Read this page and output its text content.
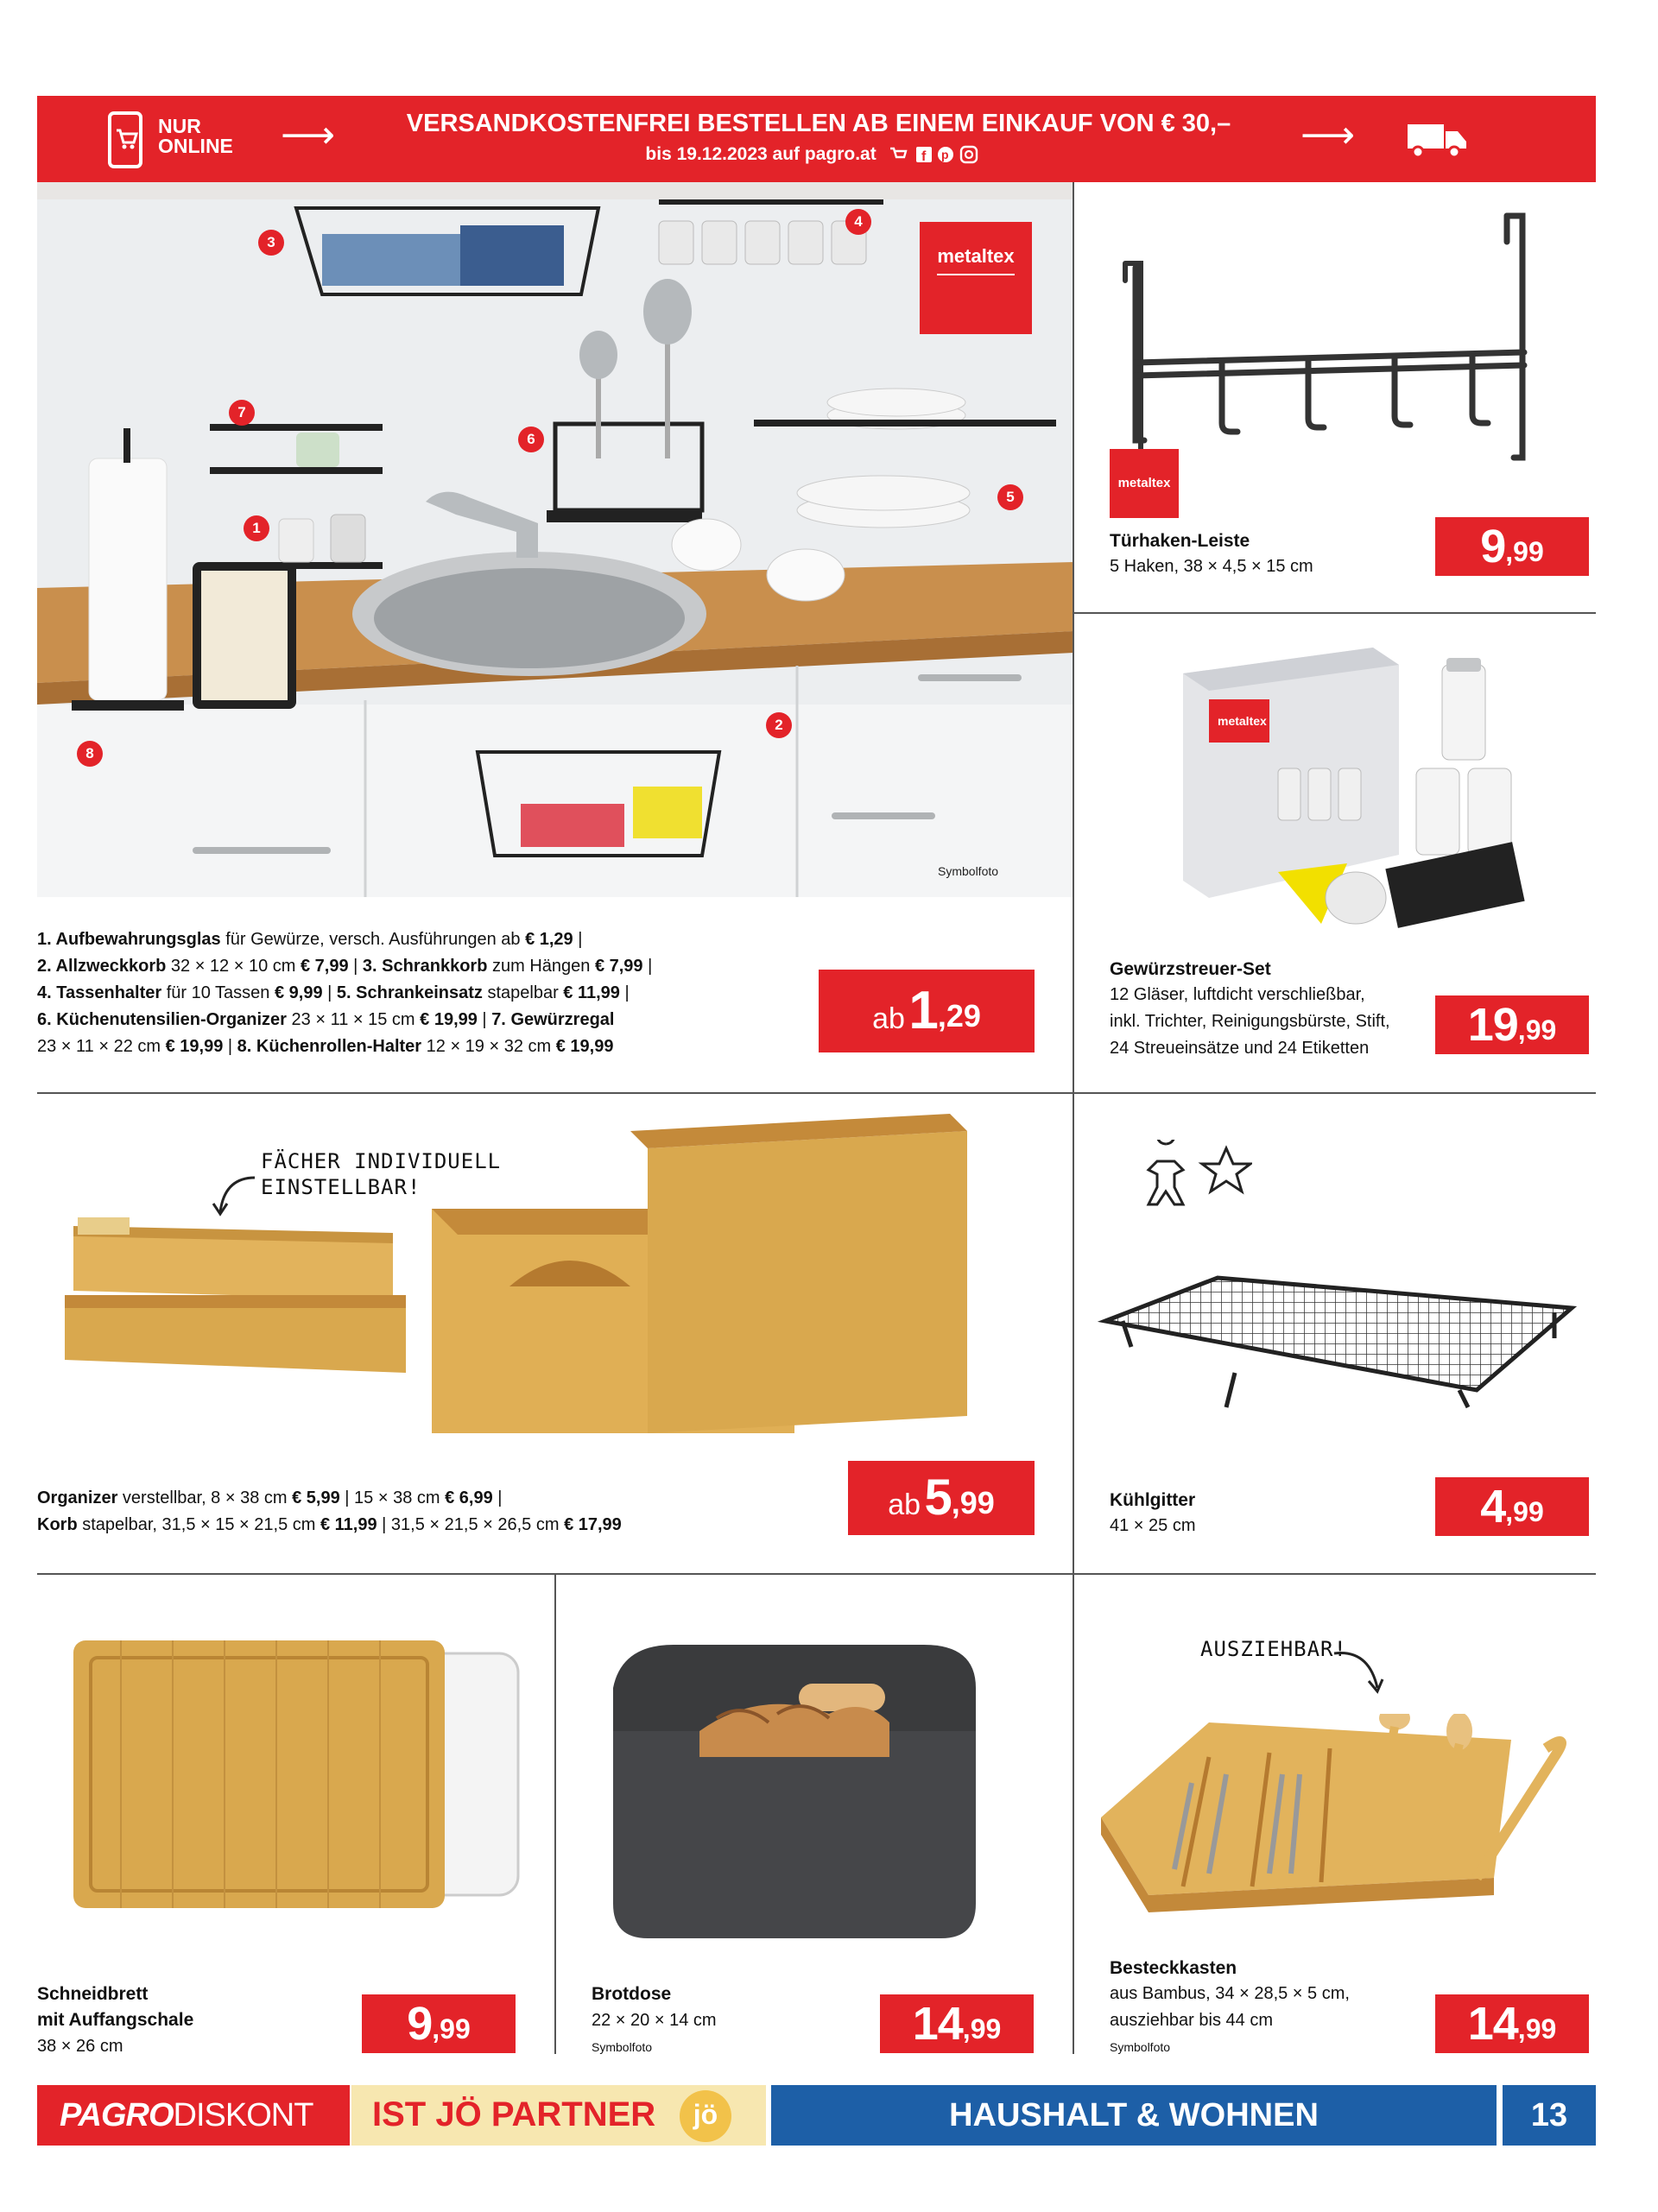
NUR ONLINE ⟶	VERSANDKOSTENFREI BESTELLEN AB EINEM EINKAUF VON € 30,–
bis 19.12.2023 auf pagro.at	f p	⟶
3
4
7
6
5
1
2
8
metaltex
Symbolfoto
1. Aufbewahrungsglas für Gewürze, versch. Ausführungen ab € 1,29 |
2. Allzweckkorb 32 × 12 × 10 cm € 7,99 | 3. Schrankkorb zum Hängen € 7,99 |
4. Tassenhalter für 10 Tassen € 9,99 | 5. Schrankeinsatz stapelbar € 11,99 |
6. Küchenutensilien-Organizer 23 × 11 × 15 cm € 19,99 | 7. Gewürzregal
23 × 11 × 22 cm € 19,99 | 8. Küchenrollen-Halter 12 × 19 × 32 cm € 19,99
ab 1,29
metaltex
Türhaken-Leiste
5 Haken, 38 × 4,5 × 15 cm	9,99
metaltex
Gewürzstreuer-Set
12 Gläser, luftdicht verschließbar,
inkl. Trichter, Reinigungsbürste, Stift,
24 Streueinsätze und 24 Etiketten	19,99
FÄCHER INDIVIDUELL
EINSTELLBAR!
Organizer verstellbar, 8 × 38 cm € 5,99 | 15 × 38 cm € 6,99 |
Korb stapelbar, 31,5 × 15 × 21,5 cm € 11,99 | 31,5 × 21,5 × 26,5 cm € 17,99
ab 5,99	Kühlgitter
41 × 25 cm	4,99
Schneidbrett
mit Auffangschale
38 × 26 cm	9,99
Brotdose
22 × 20 × 14 cm
Symbolfoto	14,99
AUSZIEHBAR!
Besteckkasten
aus Bambus, 34 × 28,5 × 5 cm,
ausziehbar bis 44 cm
Symbolfoto	14,99
PAGRODISKONT IST JÖ PARTNER	jö	HAUSHALT & WOHNEN	13
